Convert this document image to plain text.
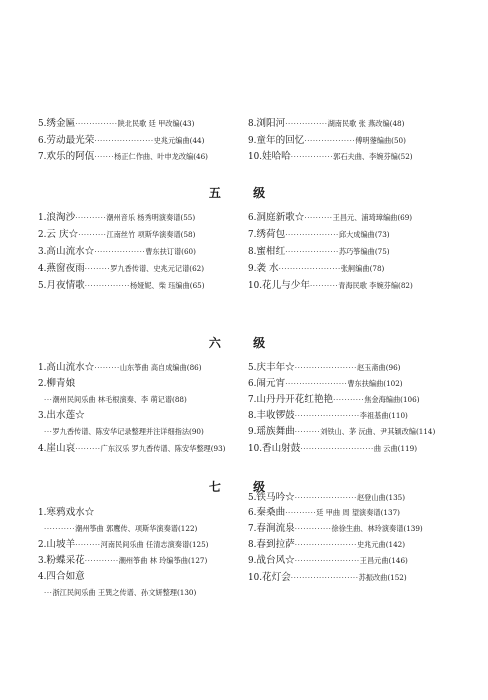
5.绣金匾···············陕北民歌 廷 甲改编(43)
6.劳动最光荣·····················史兆元编曲(44)
7.欢乐的阿佤·······杨正仁作曲、叶申龙改编(46)
8.浏阳河···············湖南民歌 张 燕改编(48)
9.童年的回忆··················傅明蓥编曲(50)
10.娃哈哈···············郭石夫曲、李婉芬编(52)
五 级
1.浪淘沙···········潮州音乐 杨秀明演奏谱(55)
2.云 庆☆··········江南丝竹 项斯华演奏谱(58)
3.高山流水☆··················曹东扶订谱(60)
4.燕窗夜雨·········罗九香传谱、史兆元记谱(62)
5.月夜情歌················杨娅妮、柴 珏编曲(65)
6.洞庭新歌☆··········王昌元、浦琦璋编曲(69)
7.绣荷包···················邱大成编曲(73)
8.蜜柑红···················苏巧筝编曲(75)
9.袭 水······················张舸编曲(78)
10.花儿与少年··········青海民歌 李婉芬编(82)
六 级
1.高山流水☆·········山东筝曲 高自成编曲(86)
2.柳青娘
···潮州民间乐曲 林毛根演奏、李 萌记谱(88)
3.出水莲☆
···罗九香传谱、陈安华记录整理并注详细指法(90)
4.崖山哀·········广东汉乐 罗九香传谱、陈安华整理(93)
5.庆丰年☆······················赵玉斋曲(96)
6.闹元宵······················曹东扶编曲(102)
7.山丹丹开花红艳艳···········焦金海编曲(106)
8.丰收锣鼓·······················李祖基曲(110)
9.瑶族舞曲·········刘铁山、茅 沅曲、尹其颖改编(114)
10.香山射鼓··························曲 云曲(119)
七 级
1.寒鸦戏水☆
···········潮州筝曲 郭鹰传、项斯华演奏谱(122)
2.山坡羊·········河南民间乐曲 任清志演奏谱(125)
3.粉蝶采花············潮州筝曲 林 玲编筝曲(127)
4.四合如意
···浙江民间乐曲 王巽之传谱、孙文妍整理(130)
5.铁马吟☆······················赵登山曲(135)
6.秦桑曲···········廷 甲曲 周 望演奏谱(137)
7.春涧流泉·············徐徐生曲、林玲演奏谱(139)
8.春到拉萨······················史兆元曲(142)
9.战台风☆·······················王昌元曲(146)
10.花灯会························苏振改曲(152)
